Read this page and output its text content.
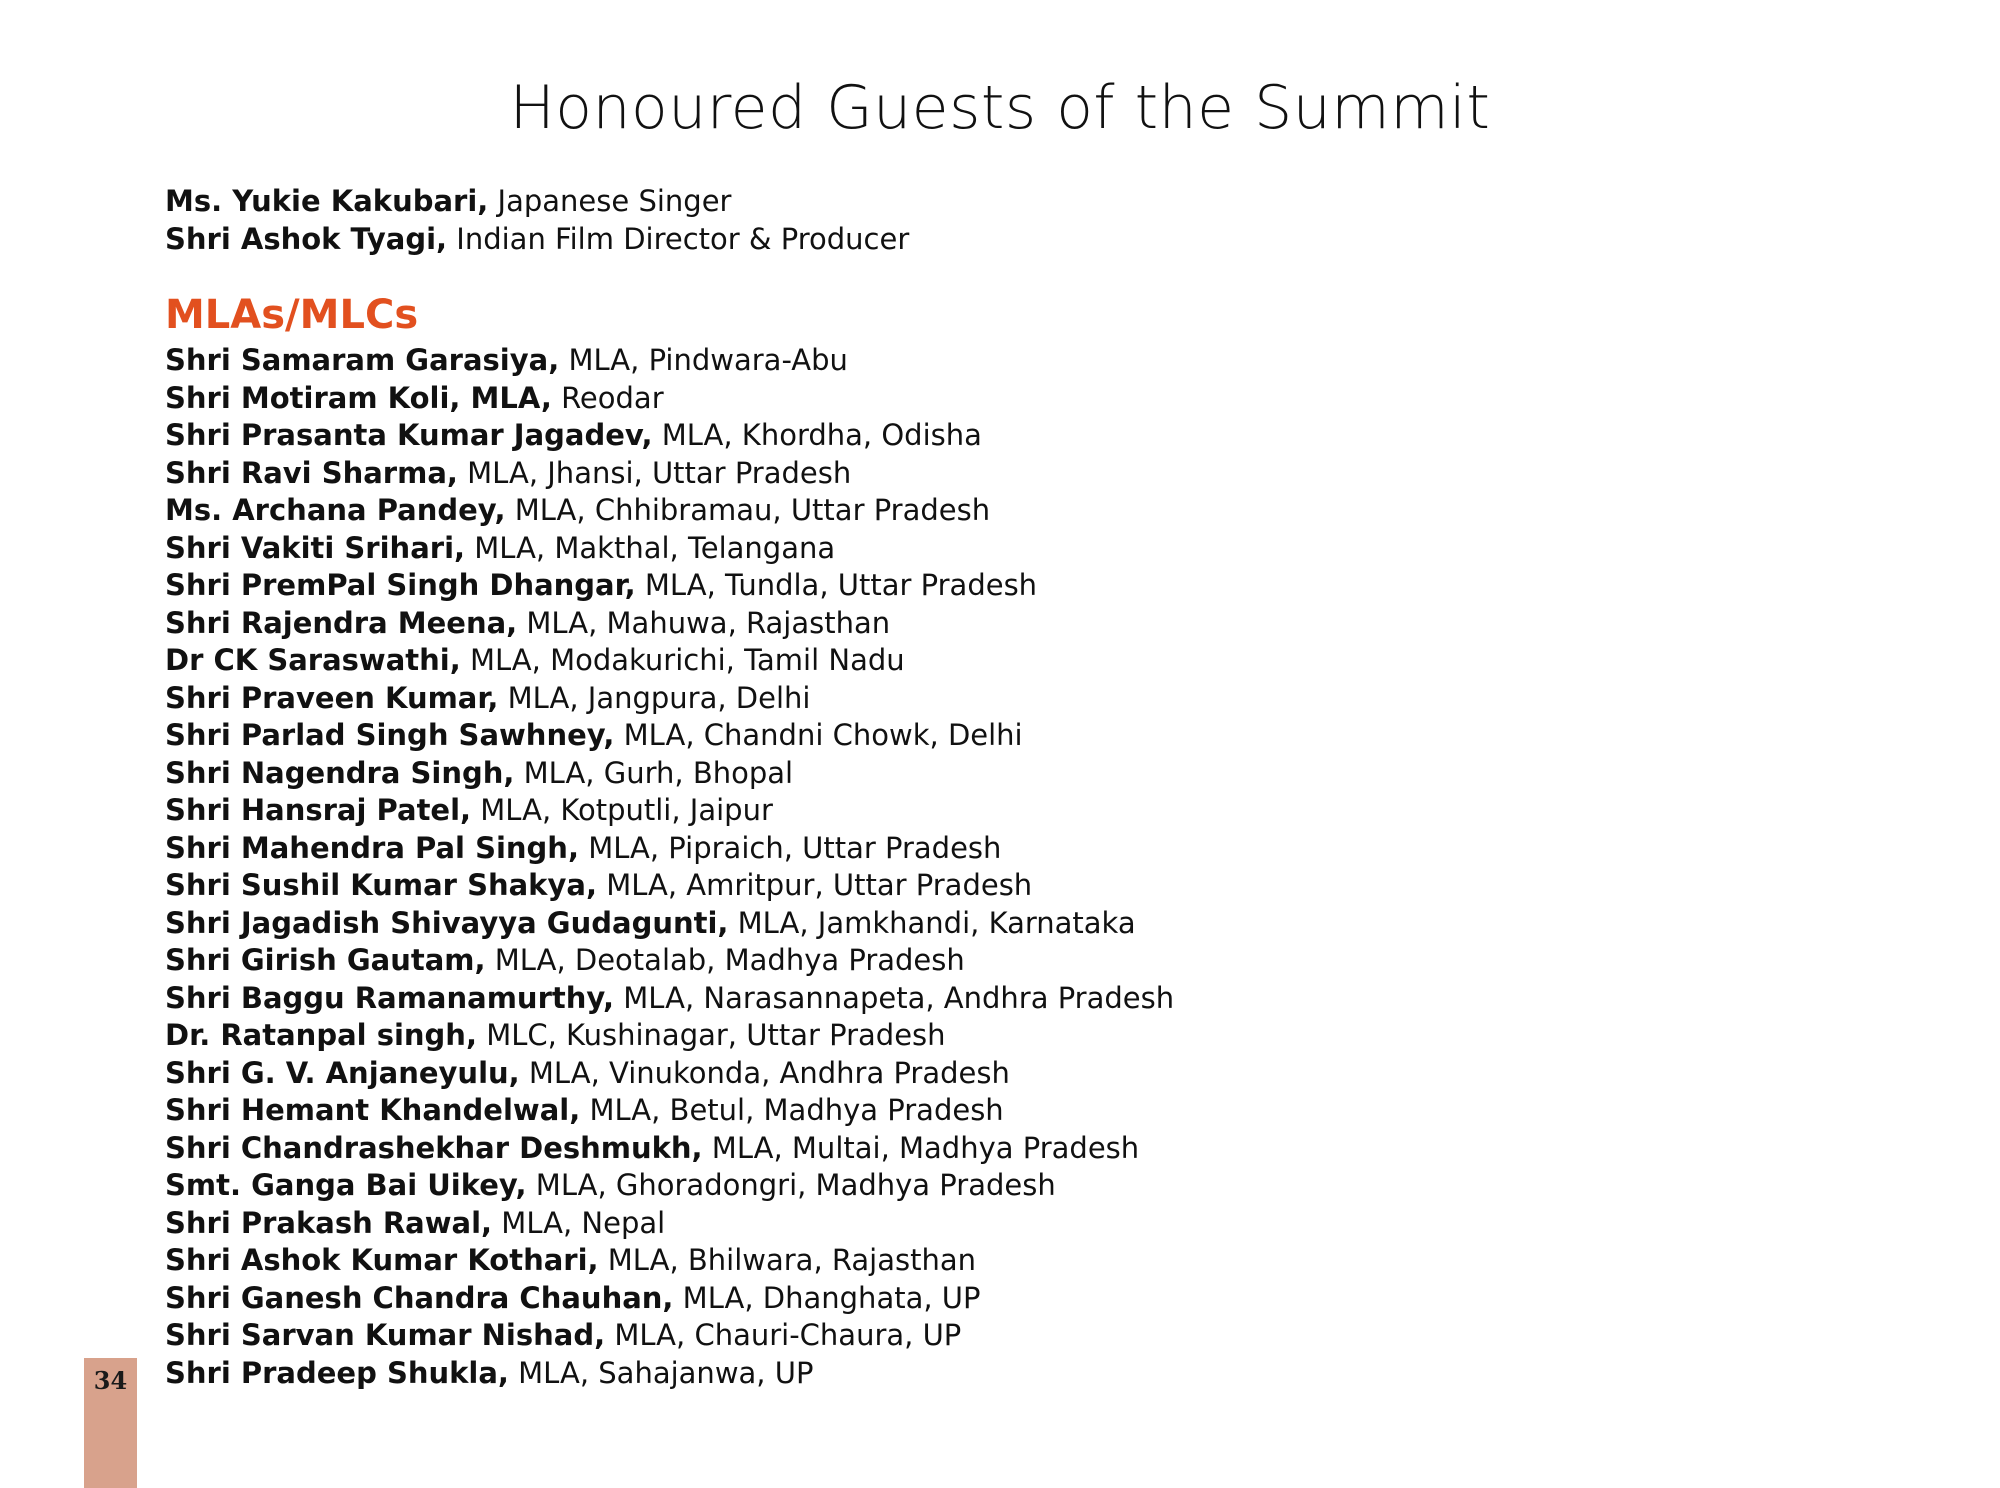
Honoured Guests of the Summit
Ms. Yukie Kakubari, Japanese Singer
Shri Ashok Tyagi, Indian Film Director & Producer
MLAs/MLCs
Shri Samaram Garasiya, MLA, Pindwara-Abu
Shri Motiram Koli, MLA, Reodar
Shri Prasanta Kumar Jagadev, MLA, Khordha, Odisha
Shri Ravi Sharma, MLA, Jhansi, Uttar Pradesh
Ms. Archana Pandey, MLA, Chhibramau, Uttar Pradesh
Shri Vakiti Srihari, MLA, Makthal, Telangana
Shri PremPal Singh Dhangar, MLA, Tundla, Uttar Pradesh
Shri Rajendra Meena, MLA, Mahuwa, Rajasthan
Dr CK Saraswathi, MLA, Modakurichi, Tamil Nadu
Shri Praveen Kumar, MLA, Jangpura, Delhi
Shri Parlad Singh Sawhney, MLA, Chandni Chowk, Delhi
Shri Nagendra Singh, MLA, Gurh, Bhopal
Shri Hansraj Patel, MLA, Kotputli, Jaipur
Shri Mahendra Pal Singh, MLA, Pipraich, Uttar Pradesh
Shri Sushil Kumar Shakya, MLA, Amritpur, Uttar Pradesh
Shri Jagadish Shivayya Gudagunti, MLA, Jamkhandi, Karnataka
Shri Girish Gautam, MLA, Deotalab, Madhya Pradesh
Shri Baggu Ramanamurthy, MLA, Narasannapeta, Andhra Pradesh
Dr. Ratanpal singh, MLC, Kushinagar, Uttar Pradesh
Shri G. V. Anjaneyulu, MLA, Vinukonda, Andhra Pradesh
Shri Hemant Khandelwal, MLA, Betul, Madhya Pradesh
Shri Chandrashekhar Deshmukh, MLA, Multai, Madhya Pradesh
Smt. Ganga Bai Uikey, MLA, Ghoradongri, Madhya Pradesh
Shri Prakash Rawal, MLA, Nepal
Shri Ashok Kumar Kothari, MLA, Bhilwara, Rajasthan
Shri Ganesh Chandra Chauhan, MLA, Dhanghata, UP
Shri Sarvan Kumar Nishad, MLA, Chauri-Chaura, UP
Shri Pradeep Shukla, MLA, Sahajanwa, UP
34
